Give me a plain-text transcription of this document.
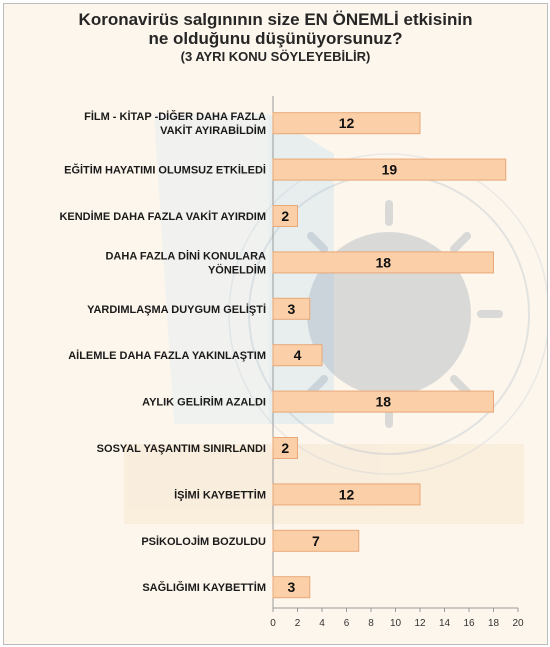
Koronavirüs salgınının size EN ÖNEMLİ etkisinin
ne olduğunu düşünüyorsunuz?
(3 AYRI KONU SÖYLEYEBİLİR)
0 2 4 6 8 10 12 14 16 18 20
12
FİLM - KİTAP -DİĞER DAHA FAZLA
VAKİT AYIRABİLDİM
19
EĞİTİM HAYATIMI OLUMSUZ ETKİLEDİ
2
KENDİME DAHA FAZLA VAKİT AYIRDIM
18
DAHA FAZLA DİNİ KONULARA
YÖNELDİM
3
YARDIMLAŞMA DUYGUM GELİŞTİ
4
AİLEMLE DAHA FAZLA YAKINLAŞTIM
18
AYLIK GELİRİM AZALDI
2
SOSYAL YAŞANTIM SINIRLANDI
12
İŞİMİ KAYBETTİM
7
PSİKOLOJİM BOZULDU
3
SAĞLIĞIMI KAYBETTİM
